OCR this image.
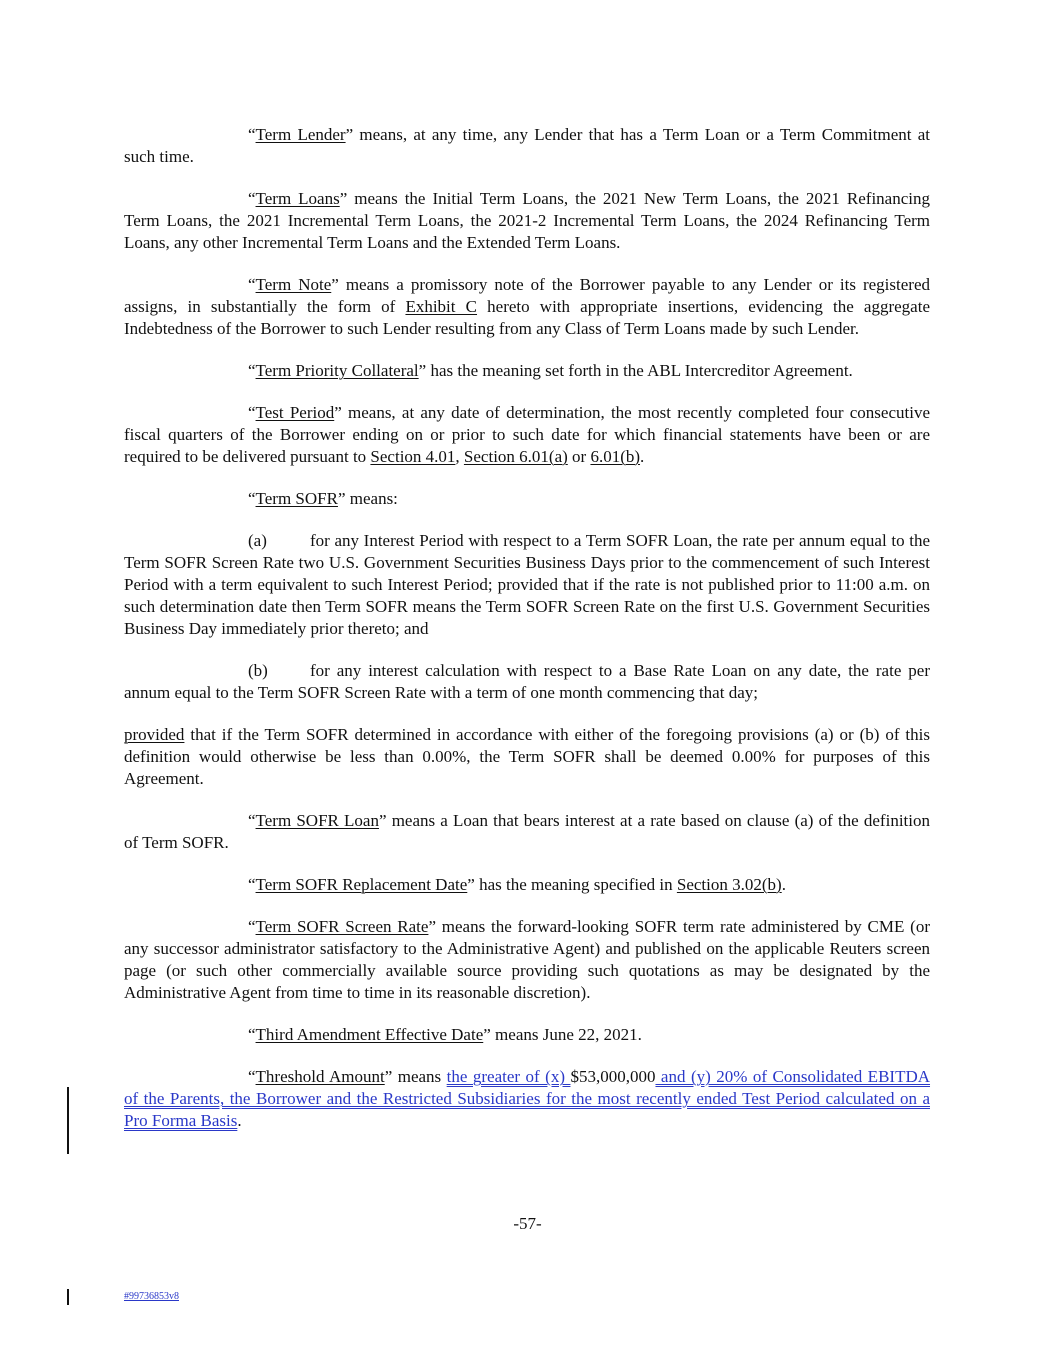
“Term Lender” means, at any time, any Lender that has a Term Loan or a Term Commitment at such time.

“Term Loans” means the Initial Term Loans, the 2021 New Term Loans, the 2021 Refinancing Term Loans, the 2021 Incremental Term Loans, the 2021-2 Incremental Term Loans, the 2024 Refinancing Term Loans, any other Incremental Term Loans and the Extended Term Loans.

“Term Note” means a promissory note of the Borrower payable to any Lender or its registered assigns, in substantially the form of Exhibit C hereto with appropriate insertions, evidencing the aggregate Indebtedness of the Borrower to such Lender resulting from any Class of Term Loans made by such Lender.

“Term Priority Collateral” has the meaning set forth in the ABL Intercreditor Agreement.

“Test Period” means, at any date of determination, the most recently completed four consecutive fiscal quarters of the Borrower ending on or prior to such date for which financial statements have been or are required to be delivered pursuant to Section 4.01, Section 6.01(a) or 6.01(b).

“Term SOFR” means:

(a)	for any Interest Period with respect to a Term SOFR Loan, the rate per annum equal to the Term SOFR Screen Rate two U.S. Government Securities Business Days prior to the commencement of such Interest Period with a term equivalent to such Interest Period; provided that if the rate is not published prior to 11:00 a.m. on such determination date then Term SOFR means the Term SOFR Screen Rate on the first U.S. Government Securities Business Day immediately prior thereto; and

(b) for any interest calculation with respect to a Base Rate Loan on any date, the rate per annum equal to the Term SOFR Screen Rate with a term of one month commencing that day;

provided that if the Term SOFR determined in accordance with either of the foregoing provisions (a) or (b) of this definition would otherwise be less than 0.00%, the Term SOFR shall be deemed 0.00% for purposes of this Agreement.

“Term SOFR Loan” means a Loan that bears interest at a rate based on clause (a) of the definition of Term SOFR.

“Term SOFR Replacement Date” has the meaning specified in Section 3.02(b).

“Term SOFR Screen Rate” means the forward-looking SOFR term rate administered by CME (or any successor administrator satisfactory to the Administrative Agent) and published on the applicable Reuters screen page (or such other commercially available source providing such quotations as may be designated by the Administrative Agent from time to time in its reasonable discretion).

“Third Amendment Effective Date” means June 22, 2021.

“Threshold Amount” means the greater of (x) $53,000,000 and (y) 20% of Consolidated EBITDA of the Parents, the Borrower and the Restricted Subsidiaries for the most recently ended Test Period calculated on a Pro Forma Basis.

-57-
#99736853v8
